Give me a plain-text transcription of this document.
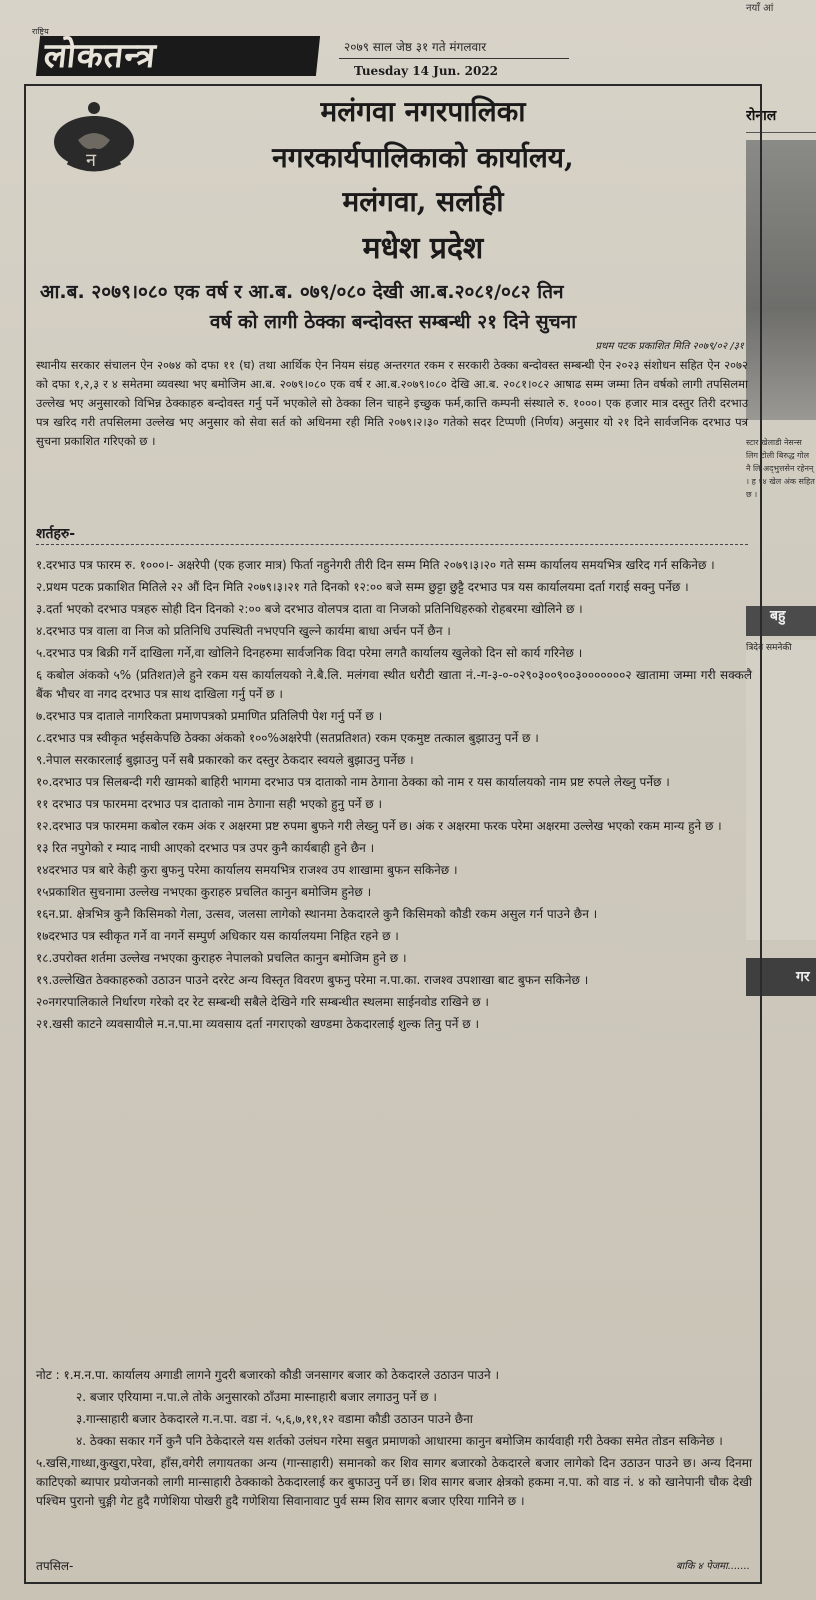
राष्ट्रिय
लोकतन्त्र	२०७९ साल जेष्ठ ३१ गते मंगलवार
Tuesday 14 Jun. 2022
नयाँ आं
रोनाल
स्टार खेलाडी नेसन्स लिग टोली बिरुद्ध गोल नै लि अद्‌भुत्तसेन रहेनन् । ह १४ खेल अंक सहित छ ।
बहु
त्रिदेव समनेकी
गर
न
मलंगवा नगरपालिका
नगरकार्यपालिकाको कार्यालय,
मलंगवा, सर्लाही
मधेश प्रदेश
आ.ब. २०७९।०८० एक वर्ष र आ.ब. ०७९/०८० देखी आ.ब.२०८१/०८२ तिन
वर्ष को लागी ठेक्का बन्दोवस्त सम्बन्धी २१ दिने सुचना
प्रथम पटक प्रकाशित मिति २०७९/०२ /३१
स्थानीय सरकार संचालन ऐन २०७४ को दफा ११ (घ) तथा आर्थिक ऐन नियम संग्रह अन्तरगत रकम र सरकारी ठेक्का बन्दोवस्त सम्बन्धी ऐन २०२३ संशोधन सहित ऐन २०७२ को दफा १,२,३ र ४ समेतमा व्यवस्था भए बमोजिम आ.ब. २०७९।०८० एक वर्ष र आ.ब.२०७९।०८० देखि आ.ब. २०८१।०८२ आषाढ सम्म जम्मा तिन वर्षको लागी तपसिलमा उल्लेख भए अनुसारको विभिन्न ठेक्काहरु बन्दोवस्त गर्नु पर्ने भएकोले सो ठेक्का लिन चाहने इच्छुक फर्म,कात्ति कम्पनी संस्थाले रु. १०००। एक हजार मात्र दस्तुर तिरी दरभाउ पत्र खरिद गरी तपसिलमा उल्लेख भए अनुसार को सेवा सर्त को अधिनमा रही मिति २०७९।२।३० गतेको सदर टिप्पणी (निर्णय) अनुसार यो २१ दिने सार्वजनिक दरभाउ पत्र सुचना प्रकाशित गरिएको छ ।
शर्तहरु-

१.दरभाउ पत्र फारम रु. १०००।- अक्षरेपी (एक हजार मात्र) फिर्ता नहुनेगरी तीरी दिन सम्म मिति २०७९।३।२० गते सम्म कार्यालय समयभित्र खरिद गर्न सकिनेछ ।

२.प्रथम पटक प्रकाशित मितिले २२ औं दिन मिति २०७९।३।२१ गते दिनको १२:०० बजे सम्म छुट्टा छुट्टै दरभाउ पत्र यस कार्यालयमा दर्ता गराई सक्नु पर्नेछ ।

३.दर्ता भएको दरभाउ पत्रहरु सोही दिन दिनको २:०० बजे दरभाउ वोलपत्र दाता वा निजको प्रतिनिधिहरुको रोहबरमा खोलिने छ ।

४.दरभाउ पत्र वाला वा निज को प्रतिनिधि उपस्थिती नभएपनि खुल्ने कार्यमा बाधा अर्चन पर्ने छैन ।

५.दरभाउ पत्र बिक्री गर्ने दाखिला गर्ने,वा खोलिने दिनहरुमा सार्वजनिक विदा परेमा लगतै कार्यालय खुलेको दिन सो कार्य गरिनेछ ।

६ कबोल अंकको ५% (प्रतिशत)ले हुने रकम यस कार्यालयको ने.बै.लि. मलंगवा स्थीत धरौटी खाता नं.-ग-३-०-०२९०३००९००३०००००००२ खातामा जम्मा गरी सक्कलै बैंक भौचर वा नगद दरभाउ पत्र साथ दाखिला गर्नु पर्ने छ ।

७.दरभाउ पत्र दाताले नागरिकता प्रमाणपत्रको प्रमाणित प्रतिलिपी पेश गर्नु पर्ने छ ।

८.दरभाउ पत्र स्वीकृत भईसकेपछि ठेक्का अंकको १००%अक्षरेपी (सतप्रतिशत) रकम एकमुष्ट तत्काल बुझाउनु पर्ने छ ।

९.नेपाल सरकारलाई बुझाउनु पर्ने सबै प्रकारको कर दस्तुर ठेकदार स्वयले बुझाउनु पर्नेछ ।

१०.दरभाउ पत्र सिलबन्दी गरी खामको बाहिरी भागमा दरभाउ पत्र दाताको नाम ठेगाना ठेक्का को नाम र यस कार्यालयको नाम प्रष्ट रुपले लेख्नु पर्नेछ ।

११ दरभाउ पत्र फारममा दरभाउ पत्र दाताको नाम ठेगाना सही भएको हुनु पर्ने छ ।

१२.दरभाउ पत्र फारममा कबोल रकम अंक र अक्षरमा प्रष्ट रुपमा बुफने गरी लेख्नु पर्ने छ। अंक र अक्षरमा फरक परेमा अक्षरमा उल्लेख भएको रकम मान्य हुने छ ।

१३ रित नपुगेको र म्याद नाघी आएको दरभाउ पत्र उपर कुनै कार्यबाही हुने छैन ।

१४दरभाउ पत्र बारे केही कुरा बुफनु परेमा कार्यालय समयभित्र राजश्व उप शाखामा बुफन सकिनेछ ।

१५प्रकाशित सुचनामा उल्लेख नभएका कुराहरु प्रचलित कानुन बमोजिम हुनेछ ।

१६न.प्रा. क्षेत्रभित्र कुनै किसिमको गेला, उत्सव, जलसा लागेको स्थानमा ठेकदारले कुनै किसिमको कौडी रकम असुल गर्न पाउने छैन ।

१७दरभाउ पत्र स्वीकृत गर्ने वा नगर्ने सम्पुर्ण अधिकार यस कार्यालयमा निहित रहने छ ।

१८.उपरोक्त शर्तमा उल्लेख नभएका कुराहरु नेपालको प्रचलित कानुन बमोजिम हुने छ ।

१९.उल्लेखित ठेक्काहरुको उठाउन पाउने दररेट अन्य विस्तृत विवरण बुफनु परेमा न.पा.का. राजश्व उपशाखा बाट बुफन सकिनेछ ।

२०नगरपालिकाले निर्धारण गरेको दर रेट सम्बन्धी सबैले देखिने गरि सम्बन्धीत स्थलमा साईनवोड राखिने छ ।

२१.खसी काटने व्यवसायीले म.न.पा.मा व्यवसाय दर्ता नगराएको खण्डमा ठेकदारलाई शुल्क तिनु पर्ने छ ।

नोट : १.म.न.पा. कार्यालय अगाडी लागने गुदरी बजारको कौडी जनसागर बजार को ठेकदारले उठाउन पाउने ।

२. बजार एरियामा न.पा.ले तोके अनुसारको ठाँउमा मास्नाहारी बजार लगाउनु पर्ने छ ।

३.गान्साहारी बजार ठेकदारले ग.न.पा. वडा नं. ५,६,७,११,१२ वडामा कौडी उठाउन पाउने छैना

४. ठेक्का सकार गर्ने कुनै पनि ठेकेदारले यस शर्तको उलंघन गरेमा सबुत प्रमाणको आधारमा कानुन बमोजिम कार्यवाही गरी ठेक्का समेत तोडन सकिनेछ ।

५.खसि,गाध्धा,कुखुरा,परेवा, हाँस,वगेरी लगायतका अन्य (गान्साहारी) समानको कर शिव सागर बजारको ठेकदारले बजार लागेको दिन उठाउन पाउने छ। अन्य दिनमा काटिएको ब्यापार प्रयोजनको लागी मान्साहारी ठेक्काको ठेकदारलाई कर बुफाउनु पर्ने छ। शिव सागर बजार क्षेत्रको हकमा न.पा. को वाड नं. ४ को खानेपानी चौक देखी पश्चिम पुरानो चुङ्गी गेट हुदै गणेशिया पोखरी हुदै गणेशिया सिवानावाट पुर्व सम्म शिव सागर बजार एरिया गानिने छ ।

बाकि ४ पेजमा.......
तपसिल-
